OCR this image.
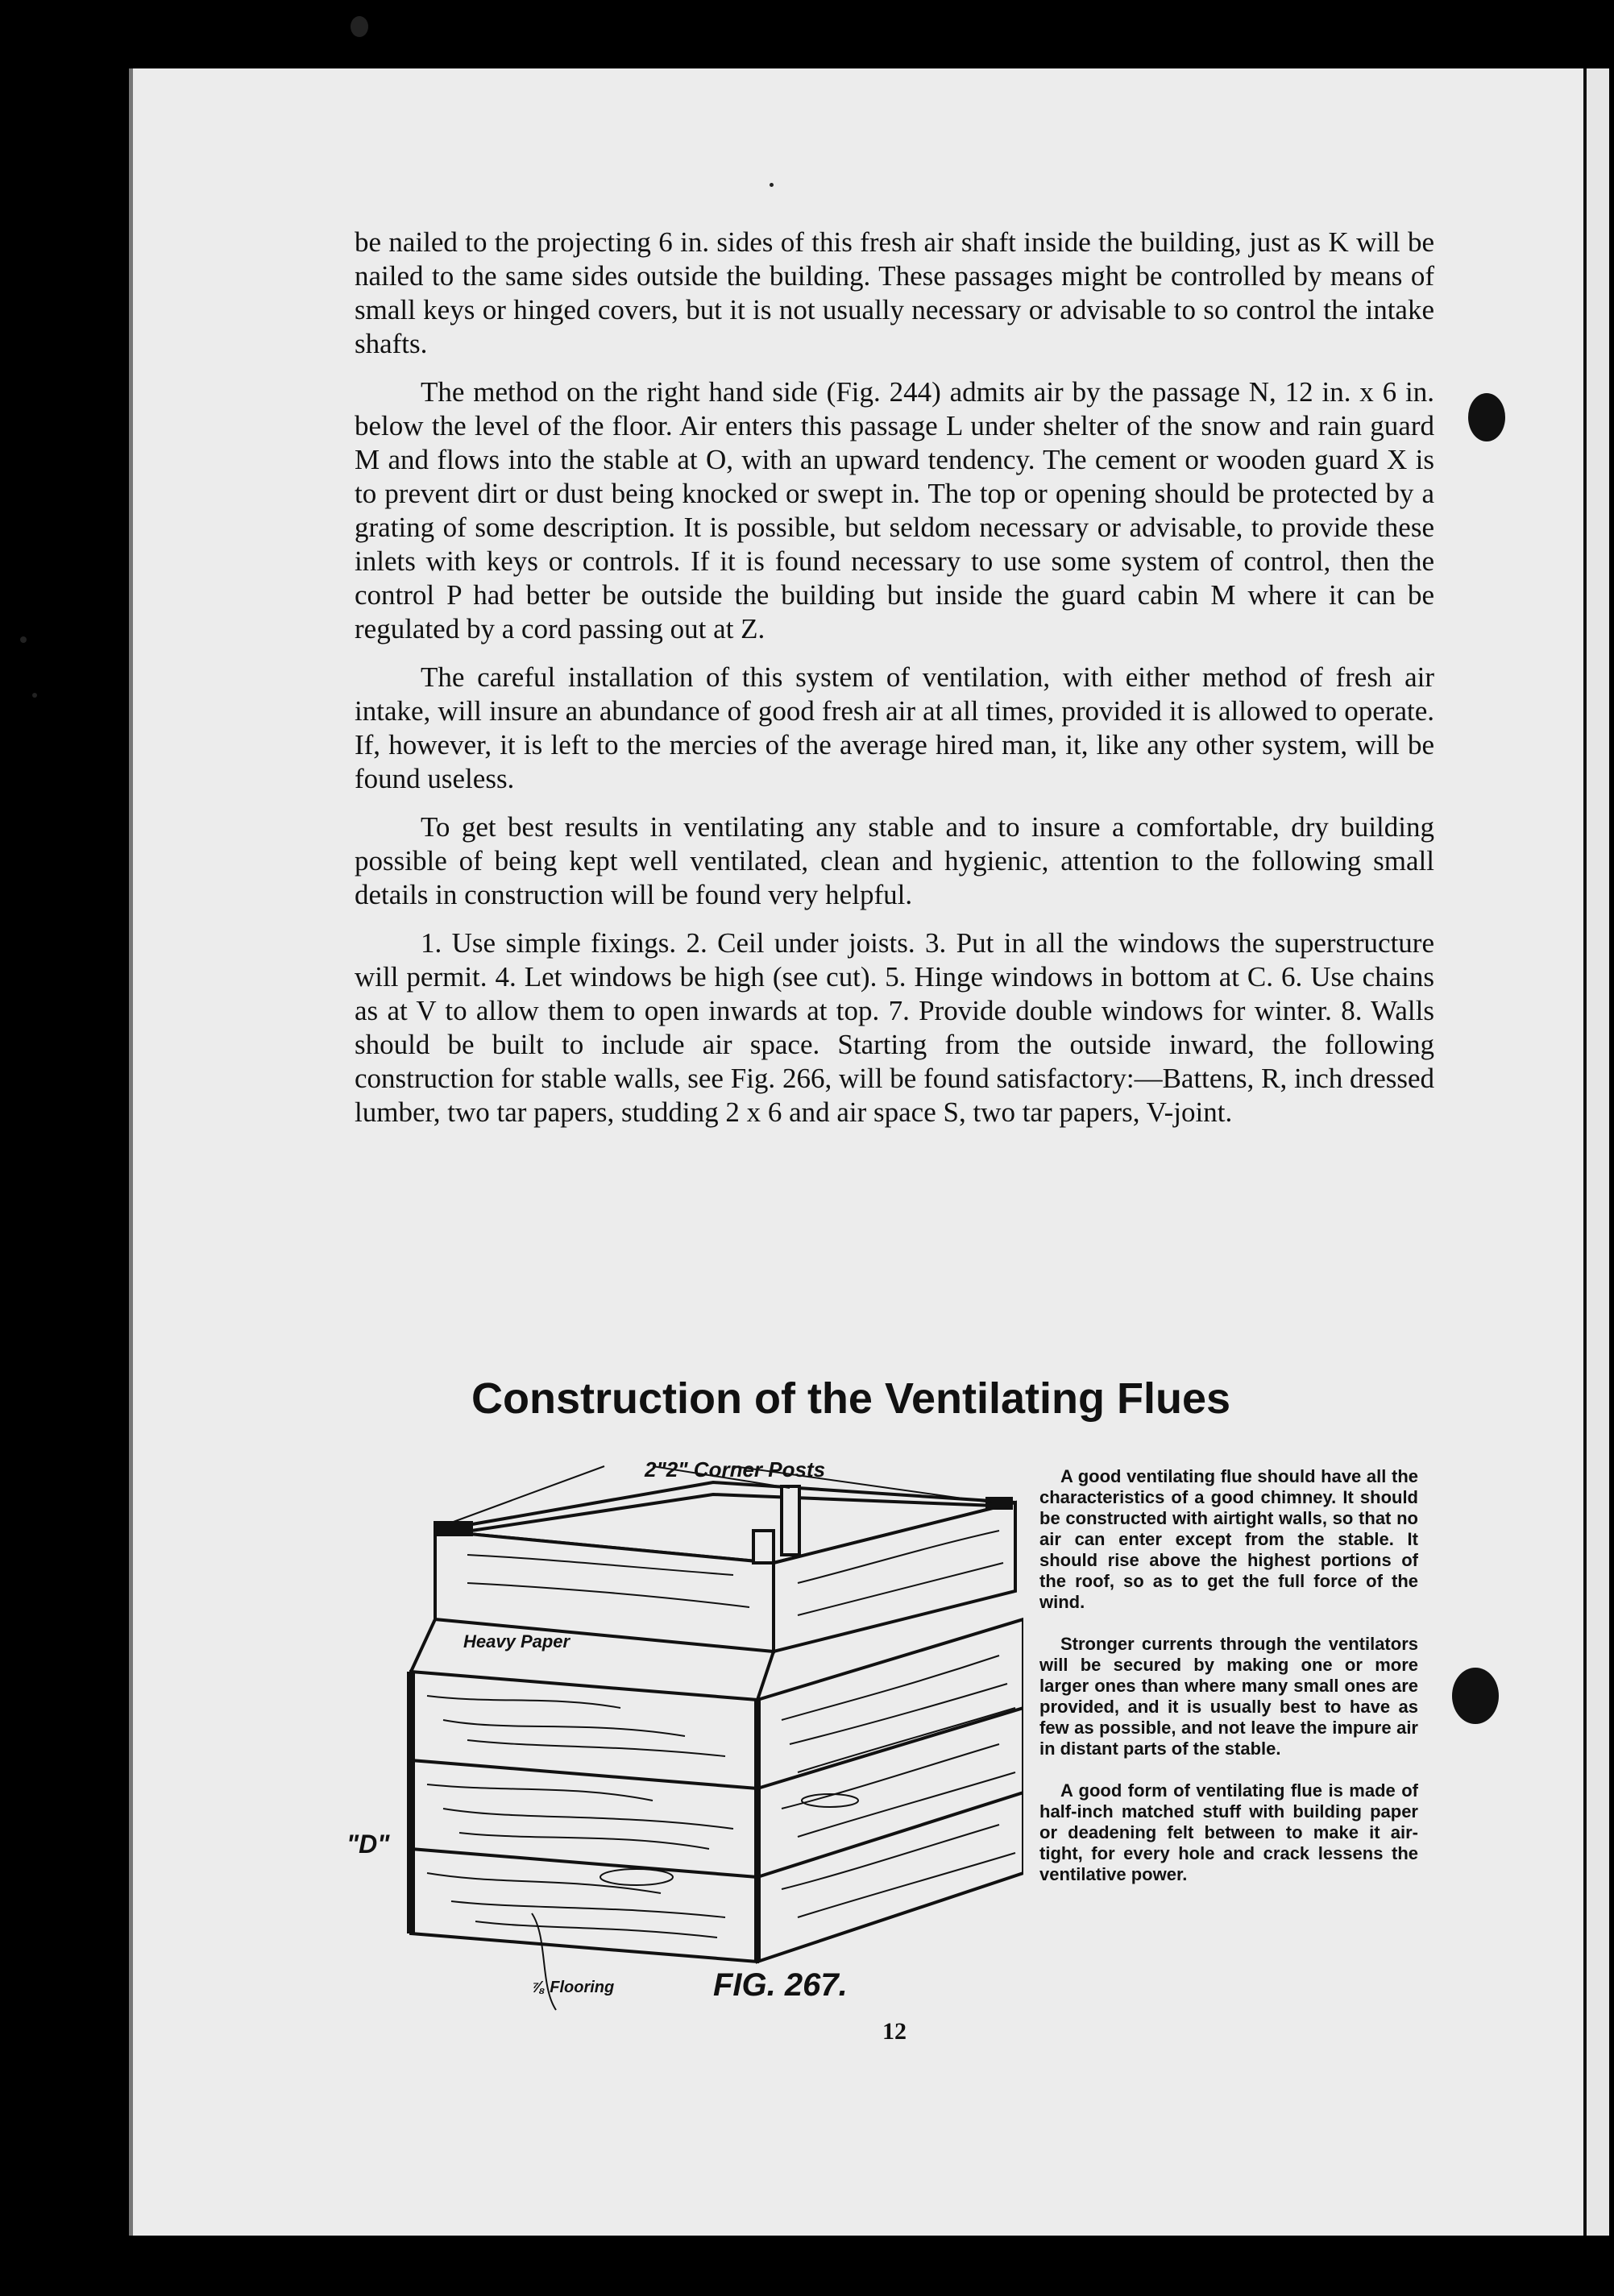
be nailed to the projecting 6 in. sides of this fresh air shaft inside the building, just as K will be nailed to the same sides outside the building. These passages might be controlled by means of small keys or hinged covers, but it is not usually necessary or advisable to so control the intake shafts.

The method on the right hand side (Fig. 244) admits air by the passage N, 12 in. x 6 in. below the level of the floor. Air enters this passage L under shelter of the snow and rain guard M and flows into the stable at O, with an upward tendency. The cement or wooden guard X is to prevent dirt or dust being knocked or swept in. The top or opening should be protected by a grating of some description. It is possible, but seldom necessary or advisable, to provide these inlets with keys or controls. If it is found necessary to use some system of control, then the control P had better be outside the building but inside the guard cabin M where it can be regulated by a cord passing out at Z.

The careful installation of this system of ventilation, with either method of fresh air intake, will insure an abundance of good fresh air at all times, provided it is allowed to operate. If, however, it is left to the mercies of the average hired man, it, like any other system, will be found useless.

To get best results in ventilating any stable and to insure a comfortable, dry building possible of being kept well ventilated, clean and hygienic, attention to the following small details in construction will be found very helpful.

1. Use simple fixings. 2. Ceil under joists. 3. Put in all the windows the superstructure will permit. 4. Let windows be high (see cut). 5. Hinge windows in bottom at C. 6. Use chains as at V to allow them to open inwards at top. 7. Provide double windows for winter. 8. Walls should be built to include air space. Starting from the outside inward, the following construction for stable walls, see Fig. 266, will be found satisfactory:—Battens, R, inch dressed lumber, two tar papers, studding 2 x 6 and air space S, two tar papers, V-joint.

Construction of the Ventilating Flues

A good ventilating flue should have all the characteristics of a good chimney. It should be constructed with airtight walls, so that no air can enter except from the stable. It should rise above the highest portions of the roof, so as to get the full force of the wind.

Stronger currents through the ventilators will be secured by making one or more larger ones than where many small ones are provided, and it is usually best to have as few as possible, and not leave the impure air in distant parts of the stable.

A good form of ventilating flue is made of half-inch matched stuff with building paper or deadening felt between to make it air-tight, for every hole and crack lessens the ventilative power.

2"2" Corner Posts
Heavy Paper
"D"
⅞ Flooring	FIG. 267.
12
